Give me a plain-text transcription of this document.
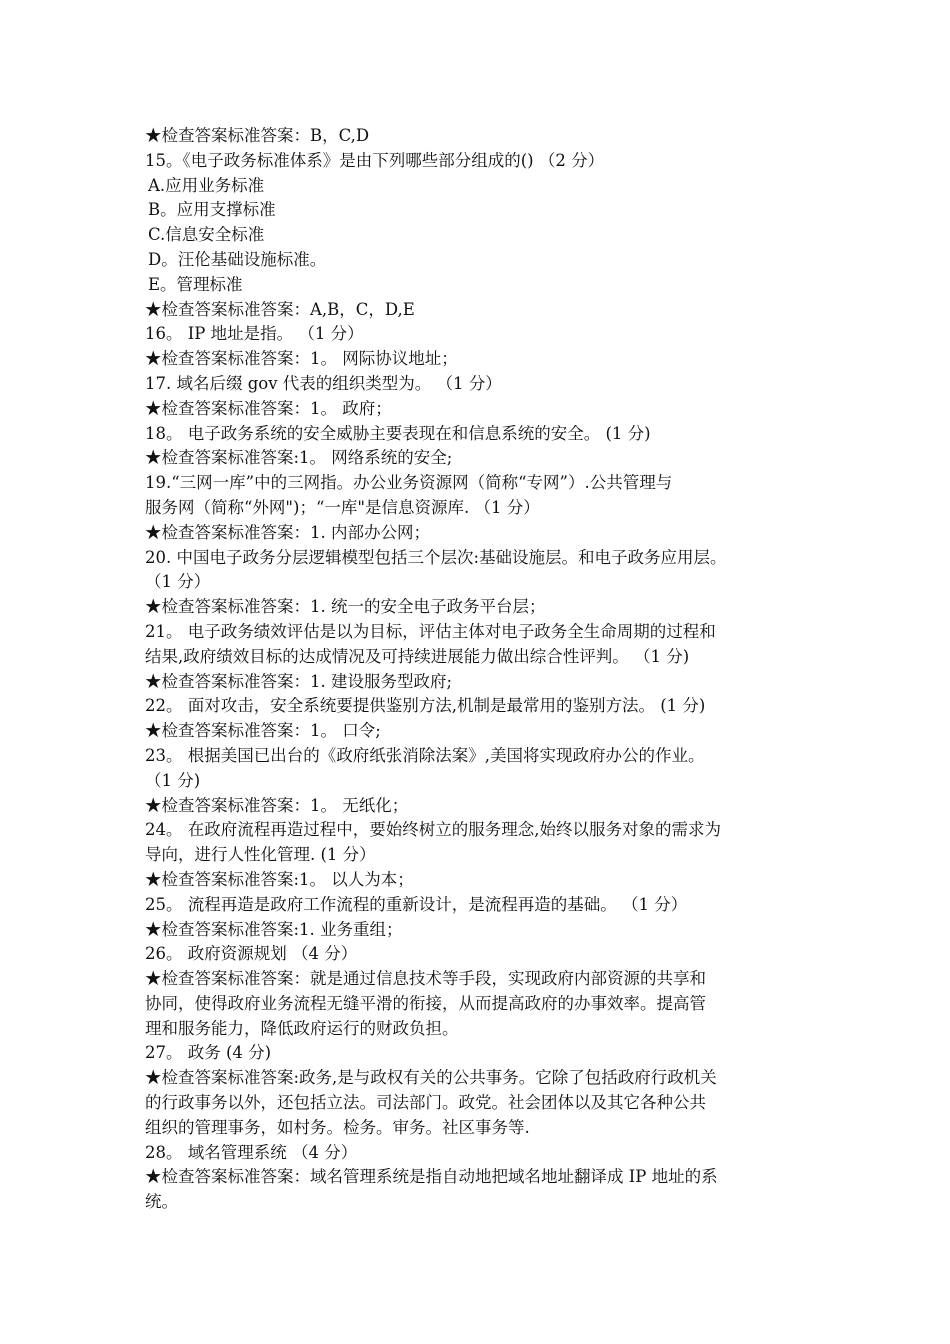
★检查答案标准答案：B，C,D
15。《电子政务标准体系》是由下列哪些部分组成的() （2 分）
A.应用业务标准
B。应用支撑标准
C.信息安全标准
D。汪伦基础设施标准。
E。管理标准
★检查答案标准答案：A,B，C，D,E
16。 IP 地址是指。 （1 分）
★检查答案标准答案：1。 网际协议地址；
17. 域名后缀 gov 代表的组织类型为。 （1 分）
★检查答案标准答案：1。 政府；
18。 电子政务系统的安全威胁主要表现在和信息系统的安全。 (1 分)
★检查答案标准答案:1。 网络系统的安全;
19.“三网一库”中的三网指。办公业务资源网（简称“专网”）.公共管理与
服务网（简称“外网")；“一库"是信息资源库. （1 分）
★检查答案标准答案：1. 内部办公网；
20. 中国电子政务分层逻辑模型包括三个层次:基础设施层。和电子政务应用层。
（1 分）
★检查答案标准答案：1. 统一的安全电子政务平台层；
21。 电子政务绩效评估是以为目标，评估主体对电子政务全生命周期的过程和
结果,政府绩效目标的达成情况及可持续进展能力做出综合性评判。 （1 分)
★检查答案标准答案：1. 建设服务型政府;
22。 面对攻击，安全系统要提供鉴别方法,机制是最常用的鉴别方法。 (1 分)
★检查答案标准答案：1。 口令;
23。 根据美国已出台的《政府纸张消除法案》,美国将实现政府办公的作业。
（1 分)
★检查答案标准答案：1。 无纸化；
24。 在政府流程再造过程中，要始终树立的服务理念,始终以服务对象的需求为
导向，进行人性化管理. (1 分）
★检查答案标准答案:1。 以人为本；
25。 流程再造是政府工作流程的重新设计，是流程再造的基础。 （1 分）
★检查答案标准答案:1. 业务重组；
26。 政府资源规划 （4 分）
★检查答案标准答案：就是通过信息技术等手段，实现政府内部资源的共享和
协同，使得政府业务流程无缝平滑的衔接，从而提高政府的办事效率。提高管
理和服务能力，降低政府运行的财政负担。
27。 政务 (4 分)
★检查答案标准答案:政务,是与政权有关的公共事务。它除了包括政府行政机关
的行政事务以外，还包括立法。司法部门。政党。社会团体以及其它各种公共
组织的管理事务，如村务。检务。审务。社区事务等.
28。 域名管理系统 （4 分）
★检查答案标准答案：域名管理系统是指自动地把域名地址翻译成 IP 地址的系
统。
